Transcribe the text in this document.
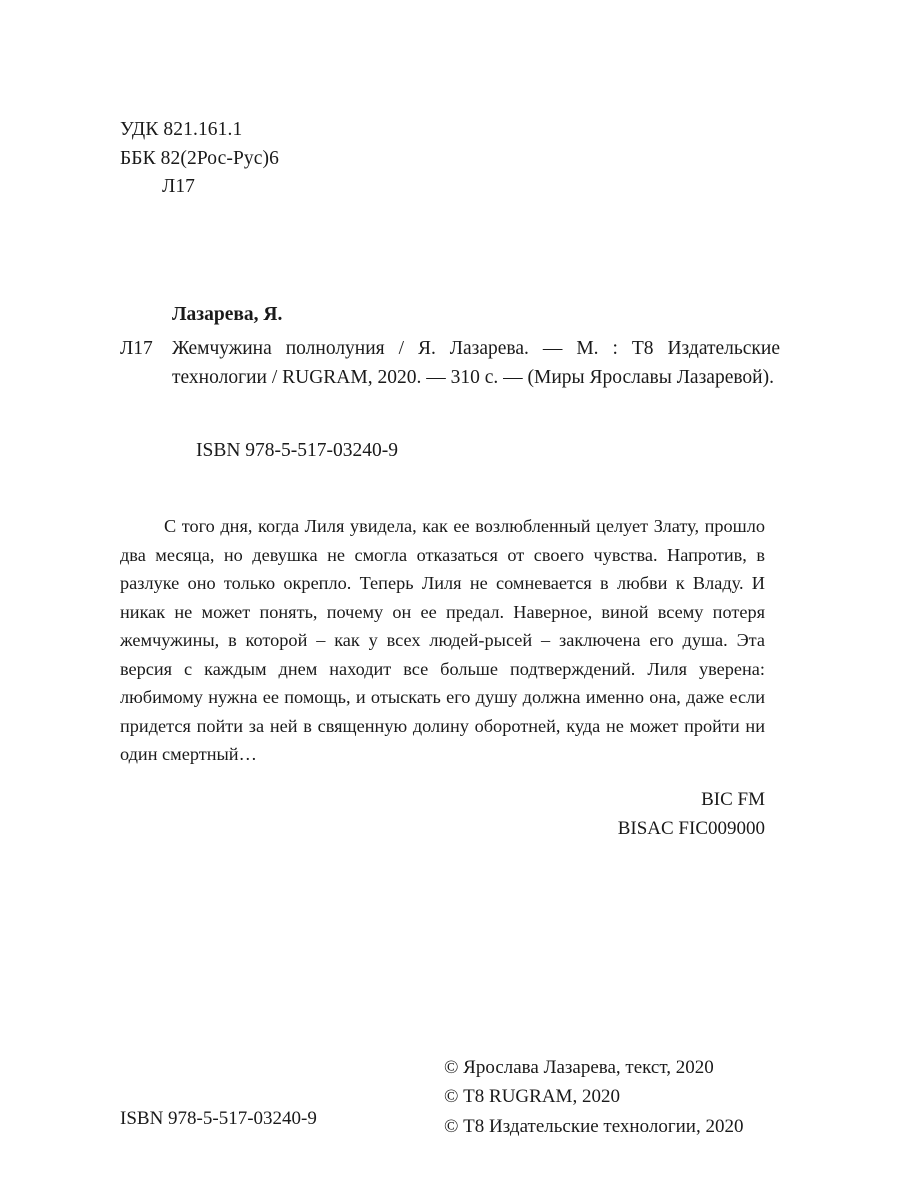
УДК 821.161.1
ББК 82(2Рос-Рус)6
Л17
Лазарева, Я.
Л17 Жемчужина полнолуния / Я. Лазарева. — М. : Т8 Издательские технологии / RUGRAM, 2020. — 310 с. — (Миры Ярославы Лазаревой).
ISBN 978-5-517-03240-9
С того дня, когда Лиля увидела, как ее возлюбленный целует Злату, прошло два месяца, но девушка не смогла отказаться от своего чувства. Напротив, в разлуке оно только окрепло. Теперь Лиля не сомневается в любви к Владу. И никак не может понять, почему он ее предал. Наверное, виной всему потеря жемчужины, в которой – как у всех людей-рысей – заключена его душа. Эта версия с каждым днем находит все больше подтверждений. Лиля уверена: любимому нужна ее помощь, и отыскать его душу должна именно она, даже если придется пойти за ней в священную долину оборотней, куда не может пройти ни один смертный…
BIC FM
BISAC FIC009000
© Ярослава Лазарева, текст, 2020
© Т8 RUGRAM, 2020
© Т8 Издательские технологии, 2020
ISBN 978-5-517-03240-9
